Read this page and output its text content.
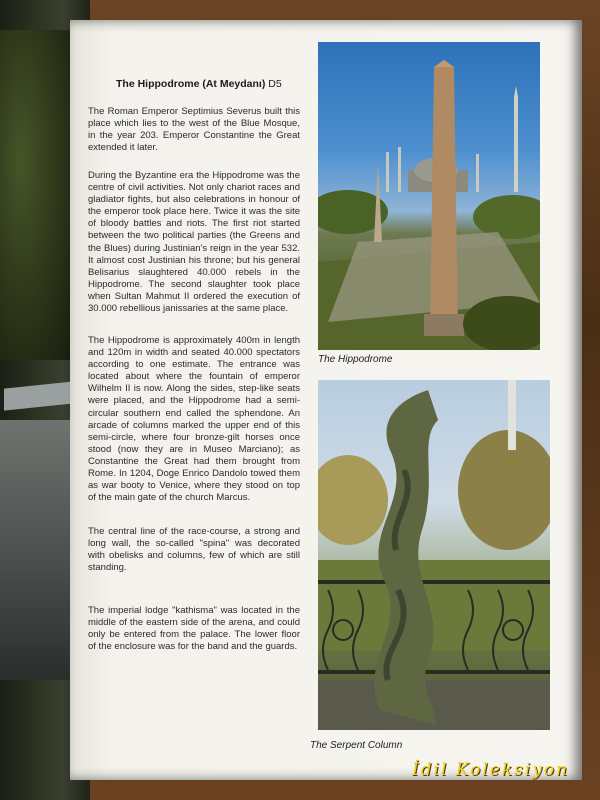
The Hippodrome (At Meydanı) D5
The Roman Emperor Septimius Severus built this place which lies to the west of the Blue Mosque, in the year 203. Emperor Constantine the Great extended it later.
During the Byzantine era the Hippodrome was the centre of civil activities. Not only chariot races and gladiator fights, but also celebrations in honour of the emperor took place here. Twice it was the site of bloody battles and riots. The first riot started between the two political parties (the Greens and the Blues) during Justinian's reign in the year 532. It almost cost Justinian his throne; but his general Belisarius slaughtered 40.000 rebels in the Hippodrome. The second slaughter took place when Sultan Mahmut II ordered the execution of 30.000 rebellious janissaries at the same place.
The Hippodrome is approximately 400m in length and 120m in width and seated 40.000 spectators according to one estimate. The entrance was located about where the fountain of emperor Wilhelm II is now. Along the sides, step-like seats were placed, and the Hippodrome had a semi-circular southern end called the sphendone. An arcade of columns marked the upper end of this semi-circle, where four bronze-gilt horses once stood (now they are in Museo Marciano); as Constantine the Great had them brought from Rome. In 1204, Doge Enrico Dandolo towed them as war booty to Venice, where they stood on top of the main gate of the church Marcus.
The central line of the race-course, a strong and long wall, the so-called "spina" was decorated with obelisks and columns, few of which are still standing.
The imperial lodge "kathisma" was located in the middle of the eastern side of the arena, and could only be entered from the palace. The lower floor of the enclosure was for the band and the guards.
The Hippodrome
The Serpent Column
İdil Koleksiyon
